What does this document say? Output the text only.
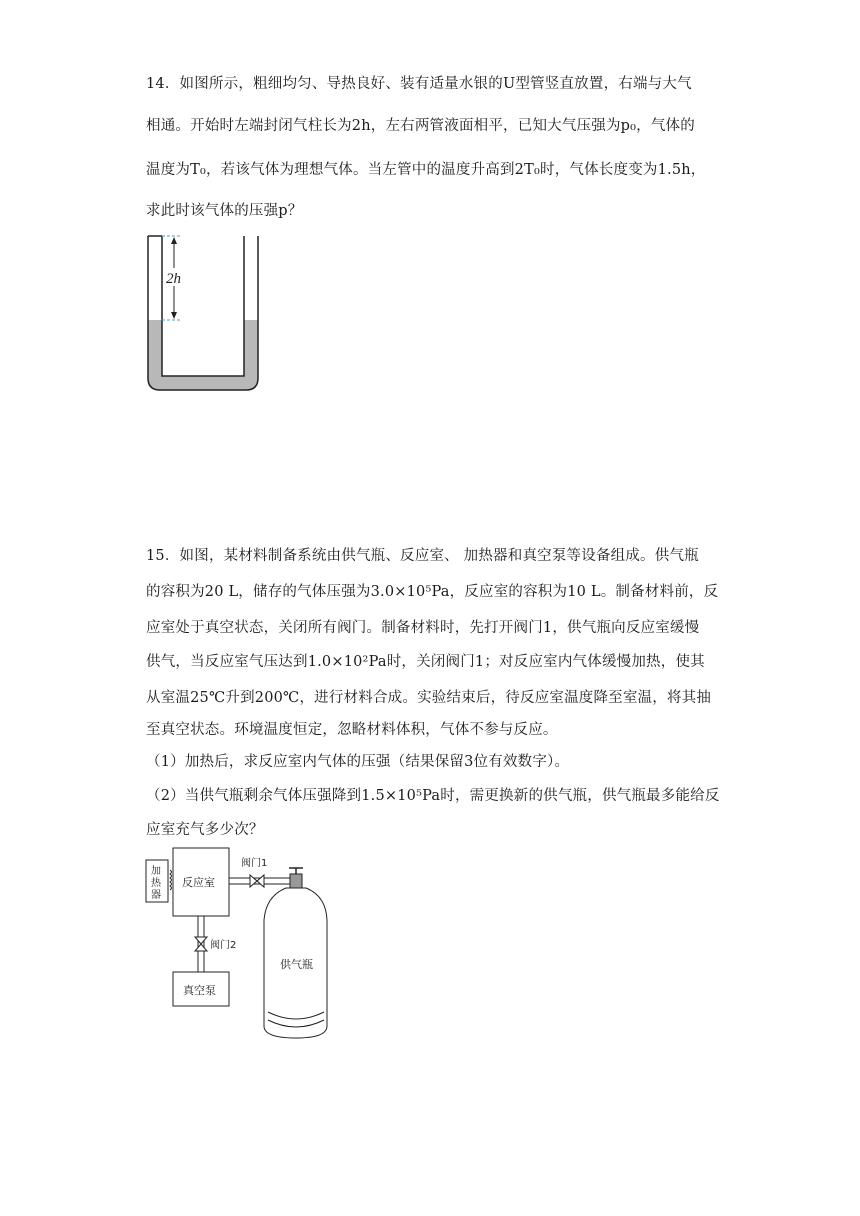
14．如图所示，粗细均匀、导热良好、装有适量水银的U型管竖直放置，右端与大气
相通。开始时左端封闭气柱长为2h，左右两管液面相平，已知大气压强为p₀，气体的
温度为T₀，若该气体为理想气体。当左管中的温度升高到2T₀时，气体长度变为1.5h，
求此时该气体的压强p？
2h
15．如图，某材料制备系统由供气瓶、反应室、 加热器和真空泵等设备组成。供气瓶
的容积为20 L，储存的气体压强为3.0×10⁵Pa，反应室的容积为10 L。制备材料前，反
应室处于真空状态，关闭所有阀门。制备材料时，先打开阀门1，供气瓶向反应室缓慢
供气，当反应室气压达到1.0×10²Pa时，关闭阀门1；对反应室内气体缓慢加热，使其
从室温25℃升到200℃，进行材料合成。实验结束后，待反应室温度降至室温，将其抽
至真空状态。环境温度恒定，忽略材料体积，气体不参与反应。
（1）加热后，求反应室内气体的压强（结果保留3位有效数字）。
（2）当供气瓶剩余气体压强降到1.5×10⁵Pa时，需更换新的供气瓶，供气瓶最多能给反
应室充气多少次？
加 热 器
反应室
阀门1
供气瓶
阀门2
真空泵
